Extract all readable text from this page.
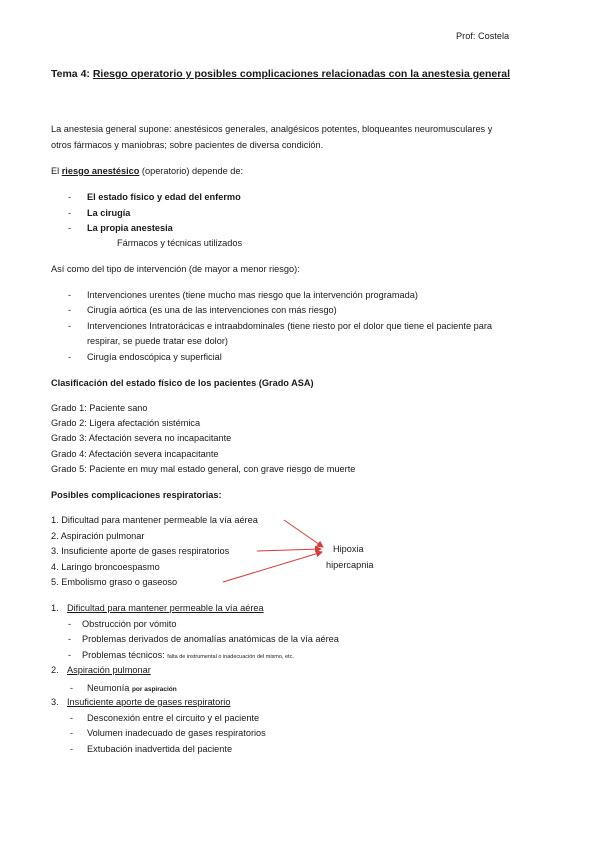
Prof: Costela
Tema 4: Riesgo operatorio y posibles complicaciones relacionadas con la anestesia general
La anestesia general supone: anestésicos generales, analgésicos potentes, bloqueantes neuromusculares y
otros fármacos y maniobras; sobre pacientes de diversa condición.
El riesgo anestésico (operatorio) depende de:
- El estado físico y edad del enfermo
- La cirugía
- La propia anestesia
Fármacos y técnicas utilizados
Así como del tipo de intervención (de mayor a menor riesgo):
- Intervenciones urentes (tiene mucho mas riesgo que la intervención programada)
- Cirugía aórtica (es una de las intervenciones con más riesgo)
- Intervenciones Intratorácicas e intraabdominales (tiene riesto por el dolor que tiene el paciente para
respirar, se puede tratar ese dolor)
- Cirugía endoscópica y superficial
Clasificación del estado físico de los pacientes (Grado ASA)
Grado 1: Paciente sano
Grado 2: Ligera afectación sistémica
Grado 3: Afectación severa no incapacitante
Grado 4: Afectación severa incapacitante
Grado 5: Paciente en muy mal estado general, con grave riesgo de muerte
Posibles complicaciones respiratorias:
1. Dificultad para mantener permeable la vía aérea
2. Aspiración pulmonar
3. Insuficiente aporte de gases respiratorios
4. Laringo broncoespasmo
5. Embolismo graso o gaseoso
Hipoxia
hipercapnia
1. Dificultad para mantener permeable la vía aérea
- Obstrucción por vómito
- Problemas derivados de anomalías anatómicas de la vía aérea
- Problemas técnicos: falta de instrumental o inadecuación del mismo, etc.
2. Aspiración pulmonar
- Neumonía por aspiración
3. Insuficiente aporte de gases respiratorio
- Desconexión entre el circuito y el paciente
- Volumen inadecuado de gases respiratorios
- Extubación inadvertida del paciente
